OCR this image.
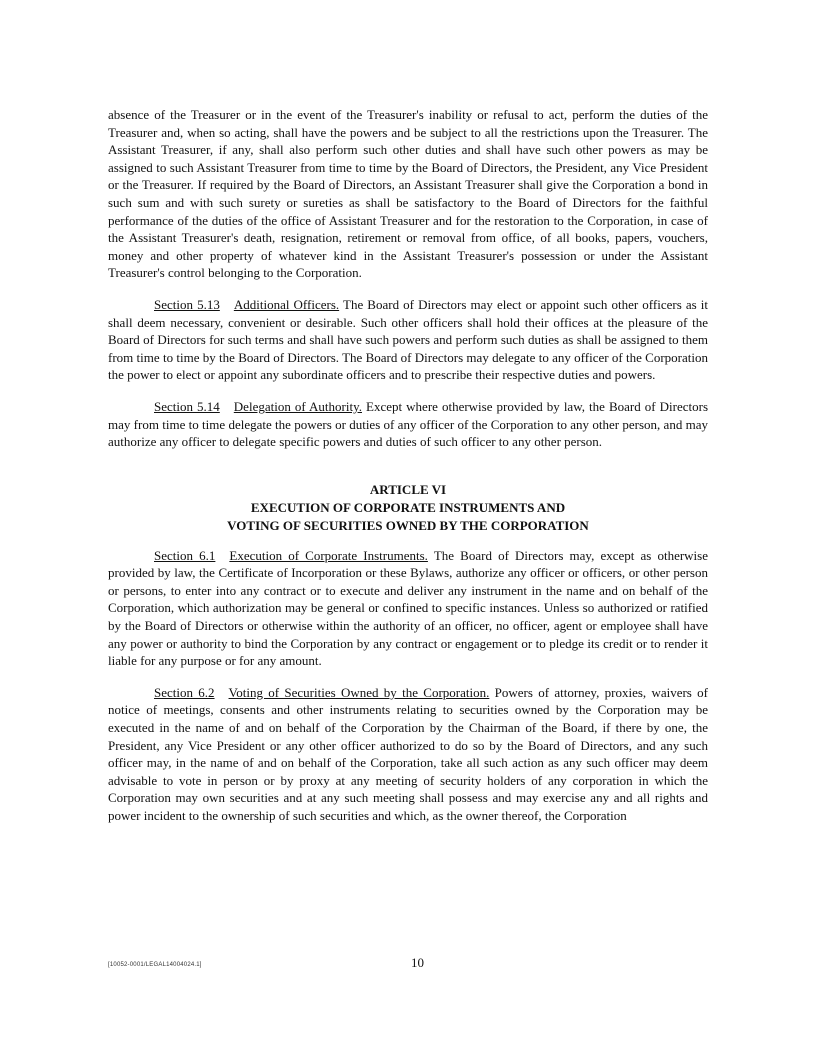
absence of the Treasurer or in the event of the Treasurer's inability or refusal to act, perform the duties of the Treasurer and, when so acting, shall have the powers and be subject to all the restrictions upon the Treasurer. The Assistant Treasurer, if any, shall also perform such other duties and shall have such other powers as may be assigned to such Assistant Treasurer from time to time by the Board of Directors, the President, any Vice President or the Treasurer. If required by the Board of Directors, an Assistant Treasurer shall give the Corporation a bond in such sum and with such surety or sureties as shall be satisfactory to the Board of Directors for the faithful performance of the duties of the office of Assistant Treasurer and for the restoration to the Corporation, in case of the Assistant Treasurer's death, resignation, retirement or removal from office, of all books, papers, vouchers, money and other property of whatever kind in the Assistant Treasurer's possession or under the Assistant Treasurer's control belonging to the Corporation.

Section 5.13 Additional Officers. The Board of Directors may elect or appoint such other officers as it shall deem necessary, convenient or desirable. Such other officers shall hold their offices at the pleasure of the Board of Directors for such terms and shall have such powers and perform such duties as shall be assigned to them from time to time by the Board of Directors. The Board of Directors may delegate to any officer of the Corporation the power to elect or appoint any subordinate officers and to prescribe their respective duties and powers.

Section 5.14 Delegation of Authority. Except where otherwise provided by law, the Board of Directors may from time to time delegate the powers or duties of any officer of the Corporation to any other person, and may authorize any officer to delegate specific powers and duties of such officer to any other person.

ARTICLE VI
EXECUTION OF CORPORATE INSTRUMENTS AND
VOTING OF SECURITIES OWNED BY THE CORPORATION

Section 6.1 Execution of Corporate Instruments. The Board of Directors may, except as otherwise provided by law, the Certificate of Incorporation or these Bylaws, authorize any officer or officers, or other person or persons, to enter into any contract or to execute and deliver any instrument in the name and on behalf of the Corporation, which authorization may be general or confined to specific instances. Unless so authorized or ratified by the Board of Directors or otherwise within the authority of an officer, no officer, agent or employee shall have any power or authority to bind the Corporation by any contract or engagement or to pledge its credit or to render it liable for any purpose or for any amount.

Section 6.2 Voting of Securities Owned by the Corporation. Powers of attorney, proxies, waivers of notice of meetings, consents and other instruments relating to securities owned by the Corporation may be executed in the name of and on behalf of the Corporation by the Chairman of the Board, if there by one, the President, any Vice President or any other officer authorized to do so by the Board of Directors, and any such officer may, in the name of and on behalf of the Corporation, take all such action as any such officer may deem advisable to vote in person or by proxy at any meeting of security holders of any corporation in which the Corporation may own securities and at any such meeting shall possess and may exercise any and all rights and power incident to the ownership of such securities and which, as the owner thereof, the Corporation

[10052-0001/LEGAL14004024.1]	10
